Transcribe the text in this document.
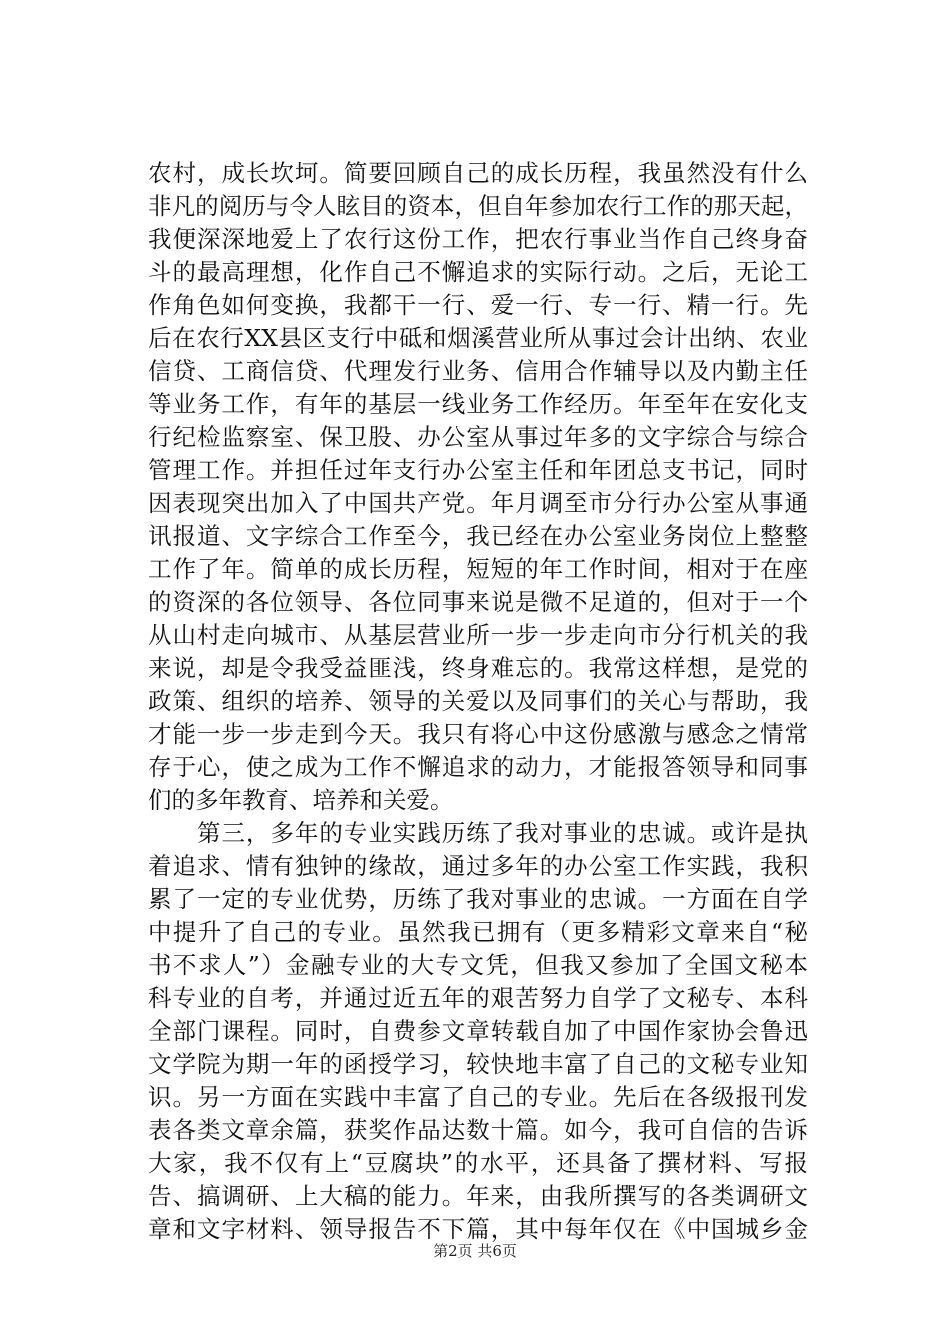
农村，成长坎坷。简要回顾自己的成长历程，我虽然没有什么
非凡的阅历与令人眩目的资本，但自年参加农行工作的那天起，
我便深深地爱上了农行这份工作，把农行事业当作自己终身奋
斗的最高理想，化作自己不懈追求的实际行动。之后，无论工
作角色如何变换，我都干一行、爱一行、专一行、精一行。先
后在农行XX县区支行中砥和烟溪营业所从事过会计出纳、农业
信贷、工商信贷、代理发行业务、信用合作辅导以及内勤主任
等业务工作，有年的基层一线业务工作经历。年至年在安化支
行纪检监察室、保卫股、办公室从事过年多的文字综合与综合
管理工作。并担任过年支行办公室主任和年团总支书记，同时
因表现突出加入了中国共产党。年月调至市分行办公室从事通
讯报道、文字综合工作至今，我已经在办公室业务岗位上整整
工作了年。简单的成长历程，短短的年工作时间，相对于在座
的资深的各位领导、各位同事来说是微不足道的，但对于一个
从山村走向城市、从基层营业所一步一步走向市分行机关的我
来说，却是令我受益匪浅，终身难忘的。我常这样想，是党的
政策、组织的培养、领导的关爱以及同事们的关心与帮助，我
才能一步一步走到今天。我只有将心中这份感激与感念之情常
存于心，使之成为工作不懈追求的动力，才能报答领导和同事
们的多年教育、培养和关爱。
　　第三，多年的专业实践历练了我对事业的忠诚。或许是执
着追求、情有独钟的缘故，通过多年的办公室工作实践，我积
累了一定的专业优势，历练了我对事业的忠诚。一方面在自学
中提升了自己的专业。虽然我已拥有（更多精彩文章来自“秘
书不求人”）金融专业的大专文凭，但我又参加了全国文秘本
科专业的自考，并通过近五年的艰苦努力自学了文秘专、本科
全部门课程。同时，自费参文章转载自加了中国作家协会鲁迅
文学院为期一年的函授学习，较快地丰富了自己的文秘专业知
识。另一方面在实践中丰富了自己的专业。先后在各级报刊发
表各类文章余篇，获奖作品达数十篇。如今，我可自信的告诉
大家，我不仅有上“豆腐块”的水平，还具备了撰材料、写报
告、搞调研、上大稿的能力。年来，由我所撰写的各类调研文
章和文字材料、领导报告不下篇，其中每年仅在《中国城乡金
第2页 共6页
